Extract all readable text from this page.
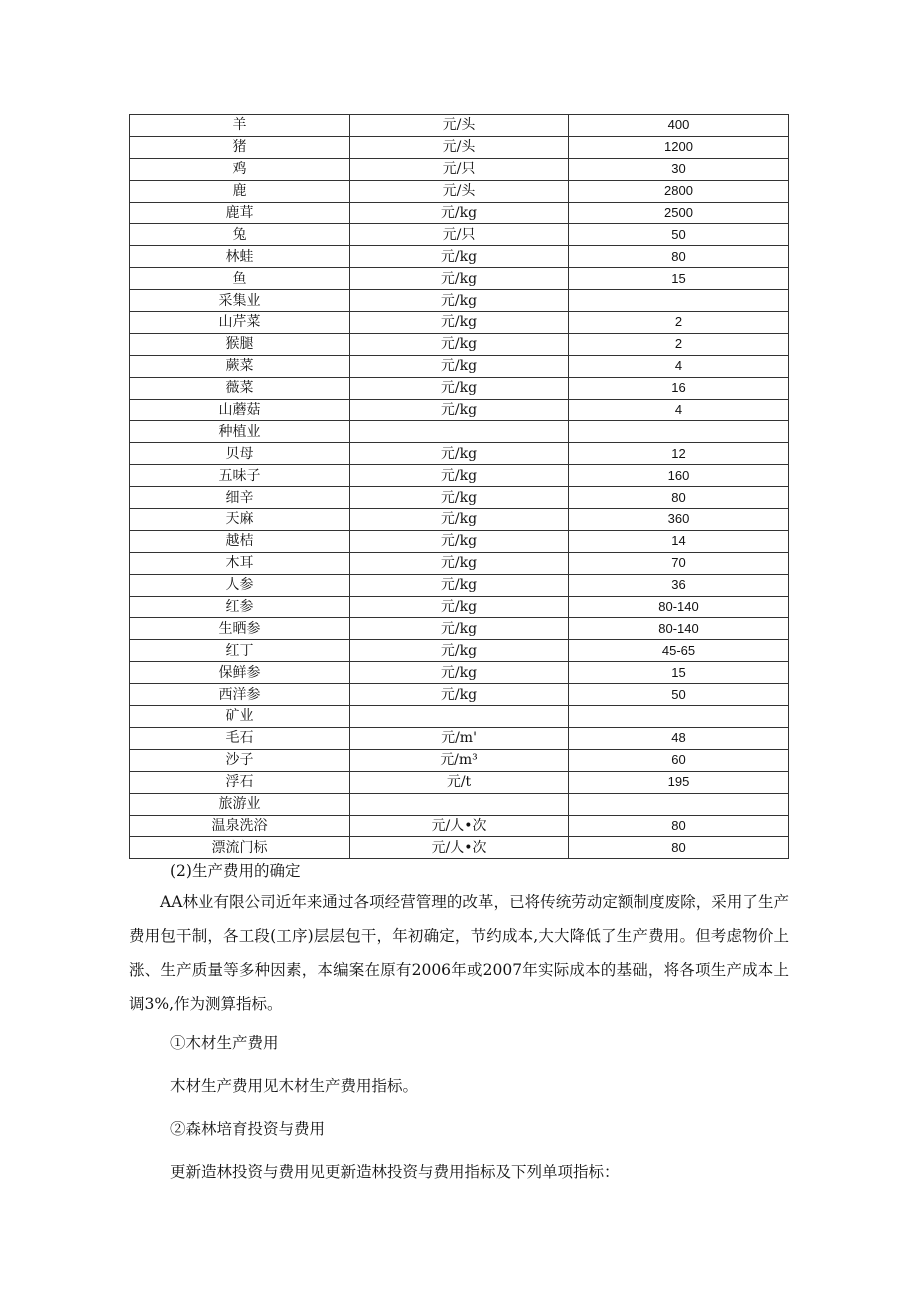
羊	元/头	400
猪	元/头	1200
鸡	元/只	30
鹿	元/头	2800
鹿茸	元/kg	2500
兔	元/只	50
林蛙	元/kg	80
鱼	元/kg	15
采集业	元/kg	
山芹菜	元/kg	2
猴腿	元/kg	2
蕨菜	元/kg	4
薇菜	元/kg	16
山蘑菇	元/kg	4
种植业		
贝母	元/kg	12
五味子	元/kg	160
细辛	元/kg	80
天麻	元/kg	360
越桔	元/kg	14
木耳	元/kg	70
人参	元/kg	36
红参	元/kg	80-140
生晒参	元/kg	80-140
红丁	元/kg	45-65
保鲜参	元/kg	15
西洋参	元/kg	50
矿业		
毛石	元/m'	48
沙子	元/m³	60
浮石	元/t	195
旅游业		
温泉洗浴	元/人•次	80
漂流门标	元/人•次	80
(2)生产费用的确定
AA林业有限公司近年来通过各项经营管理的改革，已将传统劳动定额制度废除，采用了生产费用包干制，各工段(工序)层层包干，年初确定，节约成本,大大降低了生产费用。但考虑物价上涨、生产质量等多种因素，本编案在原有2006年或2007年实际成本的基础，将各项生产成本上调3%,作为测算指标。
①木材生产费用
木材生产费用见木材生产费用指标。
②森林培育投资与费用
更新造林投资与费用见更新造林投资与费用指标及下列单项指标：
